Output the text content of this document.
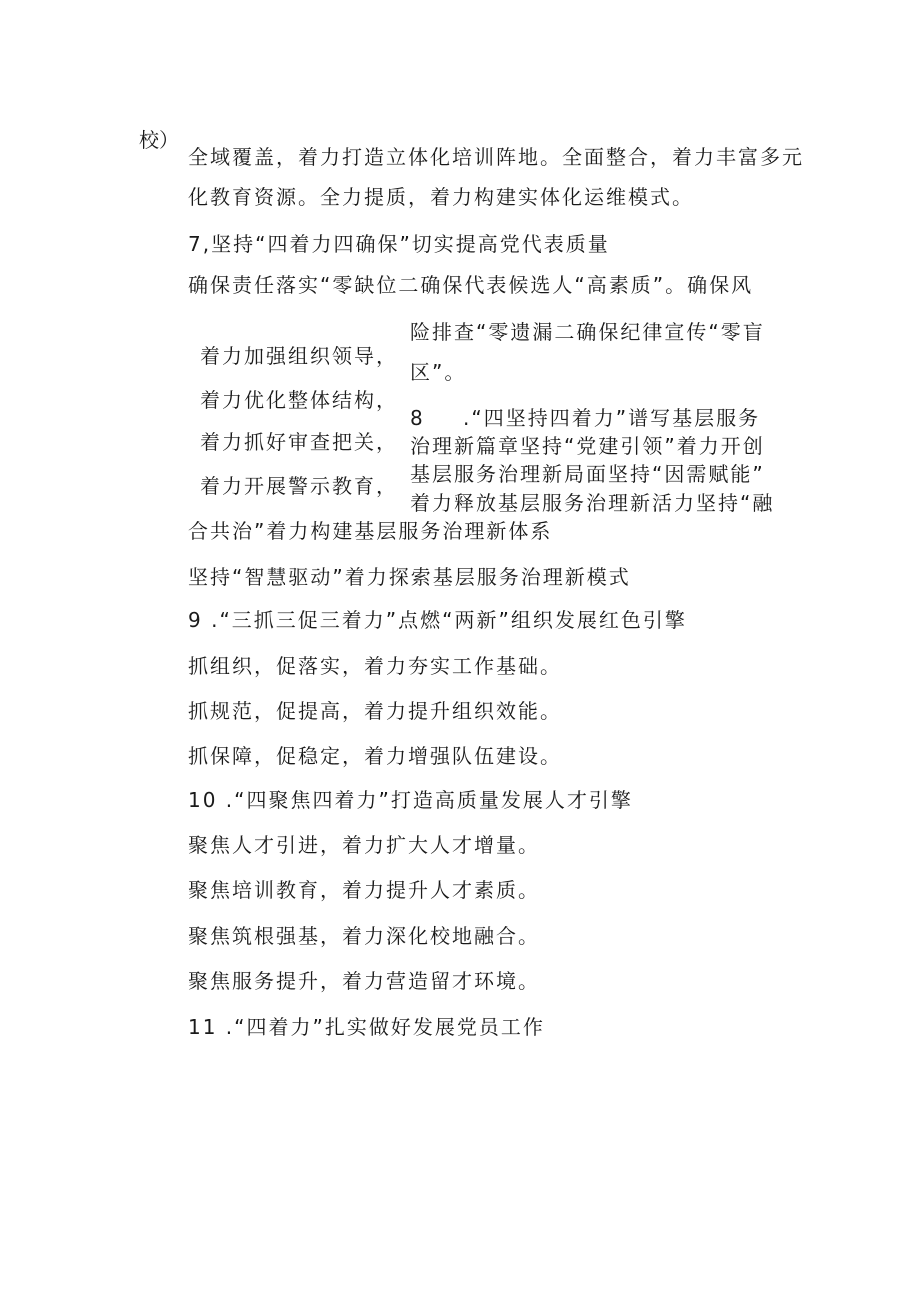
校）
全域覆盖，着力打造立体化培训阵地。全面整合，着力丰富多元
化教育资源。全力提质，着力构建实体化运维模式。
7,坚持“四着力四确保”切实提高党代表质量
确保责任落实“零缺位二确保代表候选人“高素质”。确保风
险排查“零遗漏二确保纪律宣传“零盲
区”。
着力加强组织领导，
着力优化整体结构，
着力抓好审查把关，
着力开展警示教育，
8 .“四坚持四着力”谱写基层服务
治理新篇章坚持“党建引领”着力开创
基层服务治理新局面坚持“因需赋能”
着力释放基层服务治理新活力坚持“融
合共治”着力构建基层服务治理新体系
坚持“智慧驱动”着力探索基层服务治理新模式
9 .“三抓三促三着力”点燃“两新”组织发展红色引擎
抓组织，促落实，着力夯实工作基础。
抓规范，促提高，着力提升组织效能。
抓保障，促稳定，着力增强队伍建设。
10 .“四聚焦四着力”打造高质量发展人才引擎
聚焦人才引进，着力扩大人才增量。
聚焦培训教育，着力提升人才素质。
聚焦筑根强基，着力深化校地融合。
聚焦服务提升，着力营造留才环境。
11 .“四着力”扎实做好发展党员工作
